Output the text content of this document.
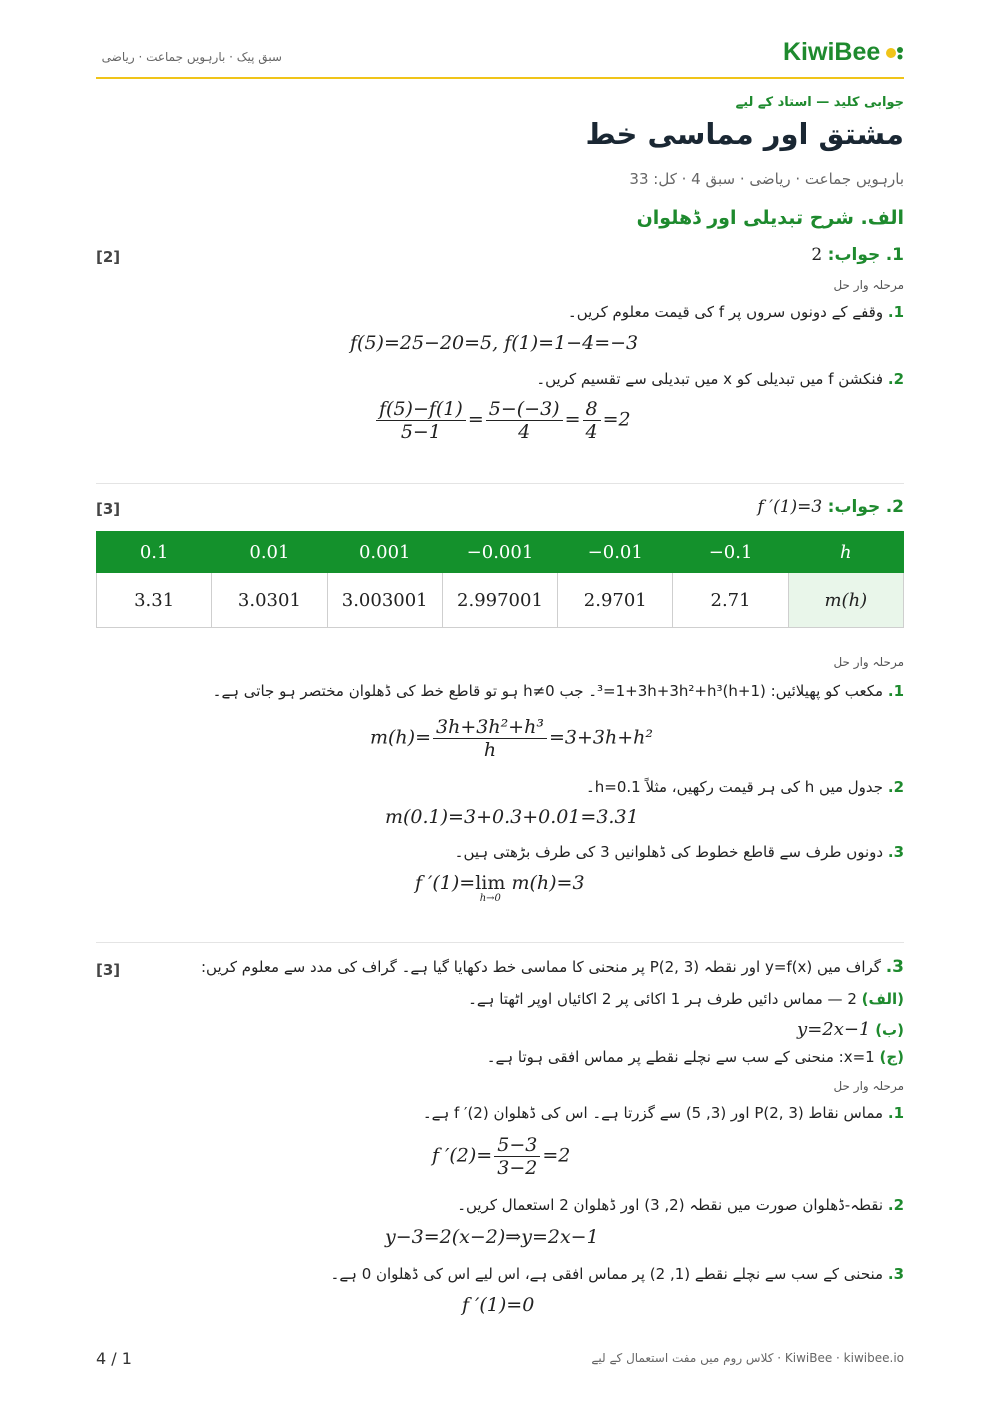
سبق پیک · بارہویں جماعت · ریاضی	KiwiBee
جوابی کلید — استاد کے لیے
مشتق اور مماسی خط
بارہویں جماعت · ریاضی · سبق 4 · کل: 33
الف. شرح تبدیلی اور ڈھلوان
1. جواب: 2
[2]
مرحلہ وار حل
1. وقفے کے دونوں سروں پر f کی قیمت معلوم کریں۔
f(5)=25−20=5, f(1)=1−4=−3
2. فنکشن f میں تبدیلی کو x میں تبدیلی سے تقسیم کریں۔
$\frac{f(5)-f(1)}{5-1} = \frac{5-(-3)}{4} = \frac{8}{4} =2$
2. جواب: f ′(1)=3
[3]
0.1	0.01	0.001	−0.001	−0.01	−0.1	h
3.31	3.0301	3.003001	2.997001	2.9701	2.71	m(h)
مرحلہ وار حل
1. مکعب کو پھیلائیں: (1+h)³=1+3h+3h²+h³۔ جب h≠0 ہو تو قاطع خط کی ڈھلوان مختصر ہو جاتی ہے۔
$m(h)= \frac{\text{3h+3h²+h³}}{h} =3+3h+h^2$
2. جدول میں h کی ہر قیمت رکھیں، مثلاً h=0.1۔
m(0.1)=3+0.3+0.01=3.31
3. دونوں طرف سے قاطع خطوط کی ڈھلوانیں 3 کی طرف بڑھتی ہیں۔
f ′(1)=lim
h→0
m(h)=3
3. گراف میں y=f(x) اور نقطہ P(2, 3) پر منحنی کا مماسی خط دکھایا گیا ہے۔ گراف کی مدد سے معلوم کریں:
[3]
(الف) 2 — مماس دائیں طرف ہر 1 اکائی پر 2 اکائیاں اوپر اٹھتا ہے۔
(ب) y=2x−1
(ج) x=1: منحنی کے سب سے نچلے نقطے پر مماس افقی ہوتا ہے۔
مرحلہ وار حل
1. مماس نقاط P(2, 3) اور (3, 5) سے گزرتا ہے۔ اس کی ڈھلوان f ′(2) ہے۔
f $'(2)= \frac{5-3}{3-2} =2$
2. نقطہ-ڈھلوان صورت میں نقطہ (2, 3) اور ڈھلوان 2 استعمال کریں۔
y−3=2(x−2)⇒y=2x−1
3. منحنی کے سب سے نچلے نقطے (1, 2) پر مماس افقی ہے، اس لیے اس کی ڈھلوان 0 ہے۔
f ′(1)=0
4 / 1	KiwiBee · kiwibee.io · کلاس روم میں مفت استعمال کے لیے
